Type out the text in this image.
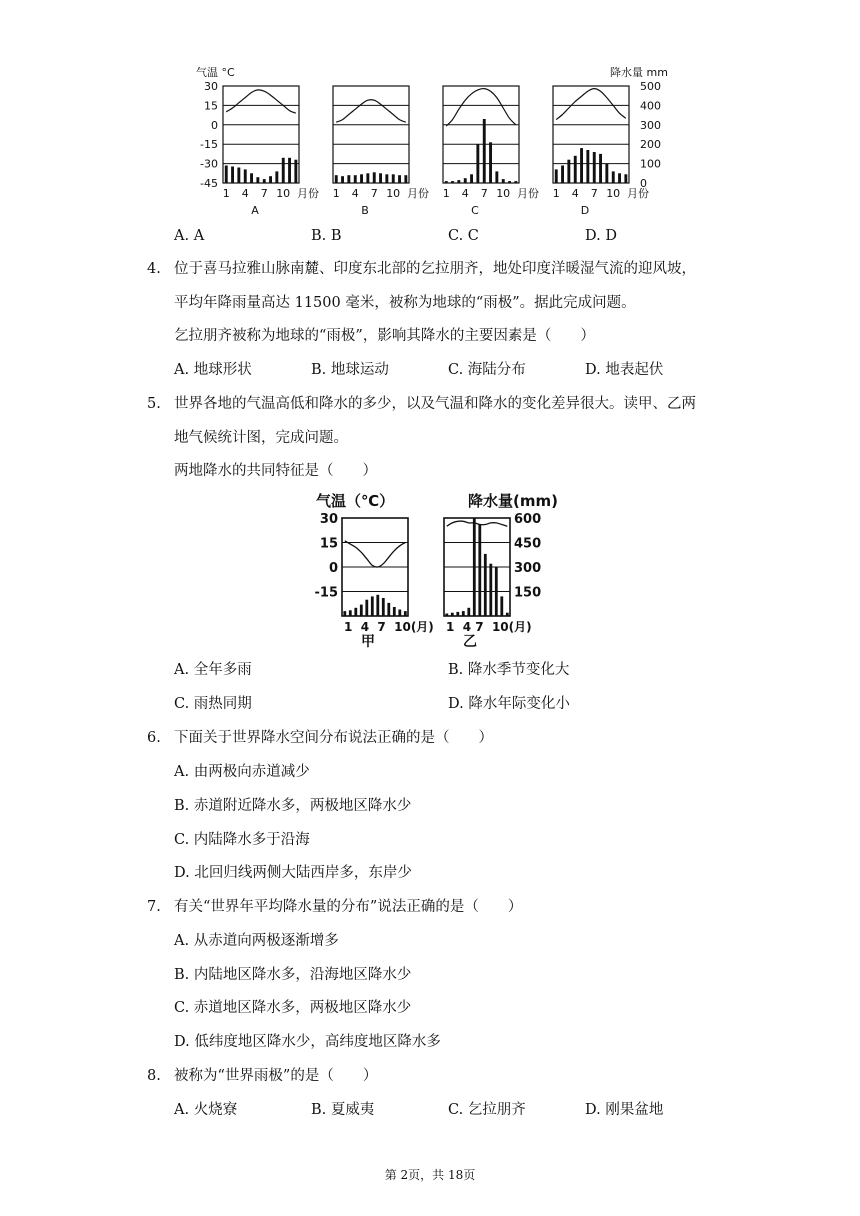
气温 °C	降水量 mm
30
15
0
-15
-30
-45
500
400
300
200
100
0
1 4 7 10 月份
A
1 4 7 10 月份
B
1 4 7 10 月份
C
1 4 7 10 月份
D
A. A	B. B	C. C	D. D
4. 位于喜马拉雅山脉南麓、印度东北部的乞拉朋齐，地处印度洋暖湿气流的迎风坡，
平均年降雨量高达 11500 毫米，被称为地球的“雨极”。据此完成问题。
乞拉朋齐被称为地球的“雨极”，影响其降水的主要因素是（　　）
A. 地球形状	B. 地球运动	C. 海陆分布	D. 地表起伏
5. 世界各地的气温高低和降水的多少，以及气温和降水的变化差异很大。读甲、乙两
地气候统计图，完成问题。
两地降水的共同特征是（　　）
气温（℃）	降水量(mm)
30
15
0
-15
600
450
300
150
甲	乙
1  4  7  10(月) 1  4 7  10(月)
A. 全年多雨	B. 降水季节变化大
C. 雨热同期	D. 降水年际变化小
6. 下面关于世界降水空间分布说法正确的是（　　）
A. 由两极向赤道减少
B. 赤道附近降水多，两极地区降水少
C. 内陆降水多于沿海
D. 北回归线两侧大陆西岸多，东岸少
7. 有关“世界年平均降水量的分布”说法正确的是（　　）
A. 从赤道向两极逐渐增多
B. 内陆地区降水多，沿海地区降水少
C. 赤道地区降水多，两极地区降水少
D. 低纬度地区降水少，高纬度地区降水多
8. 被称为“世界雨极”的是（　　）
A. 火烧寮	B. 夏威夷	C. 乞拉朋齐	D. 刚果盆地
第 2页，共 18页
